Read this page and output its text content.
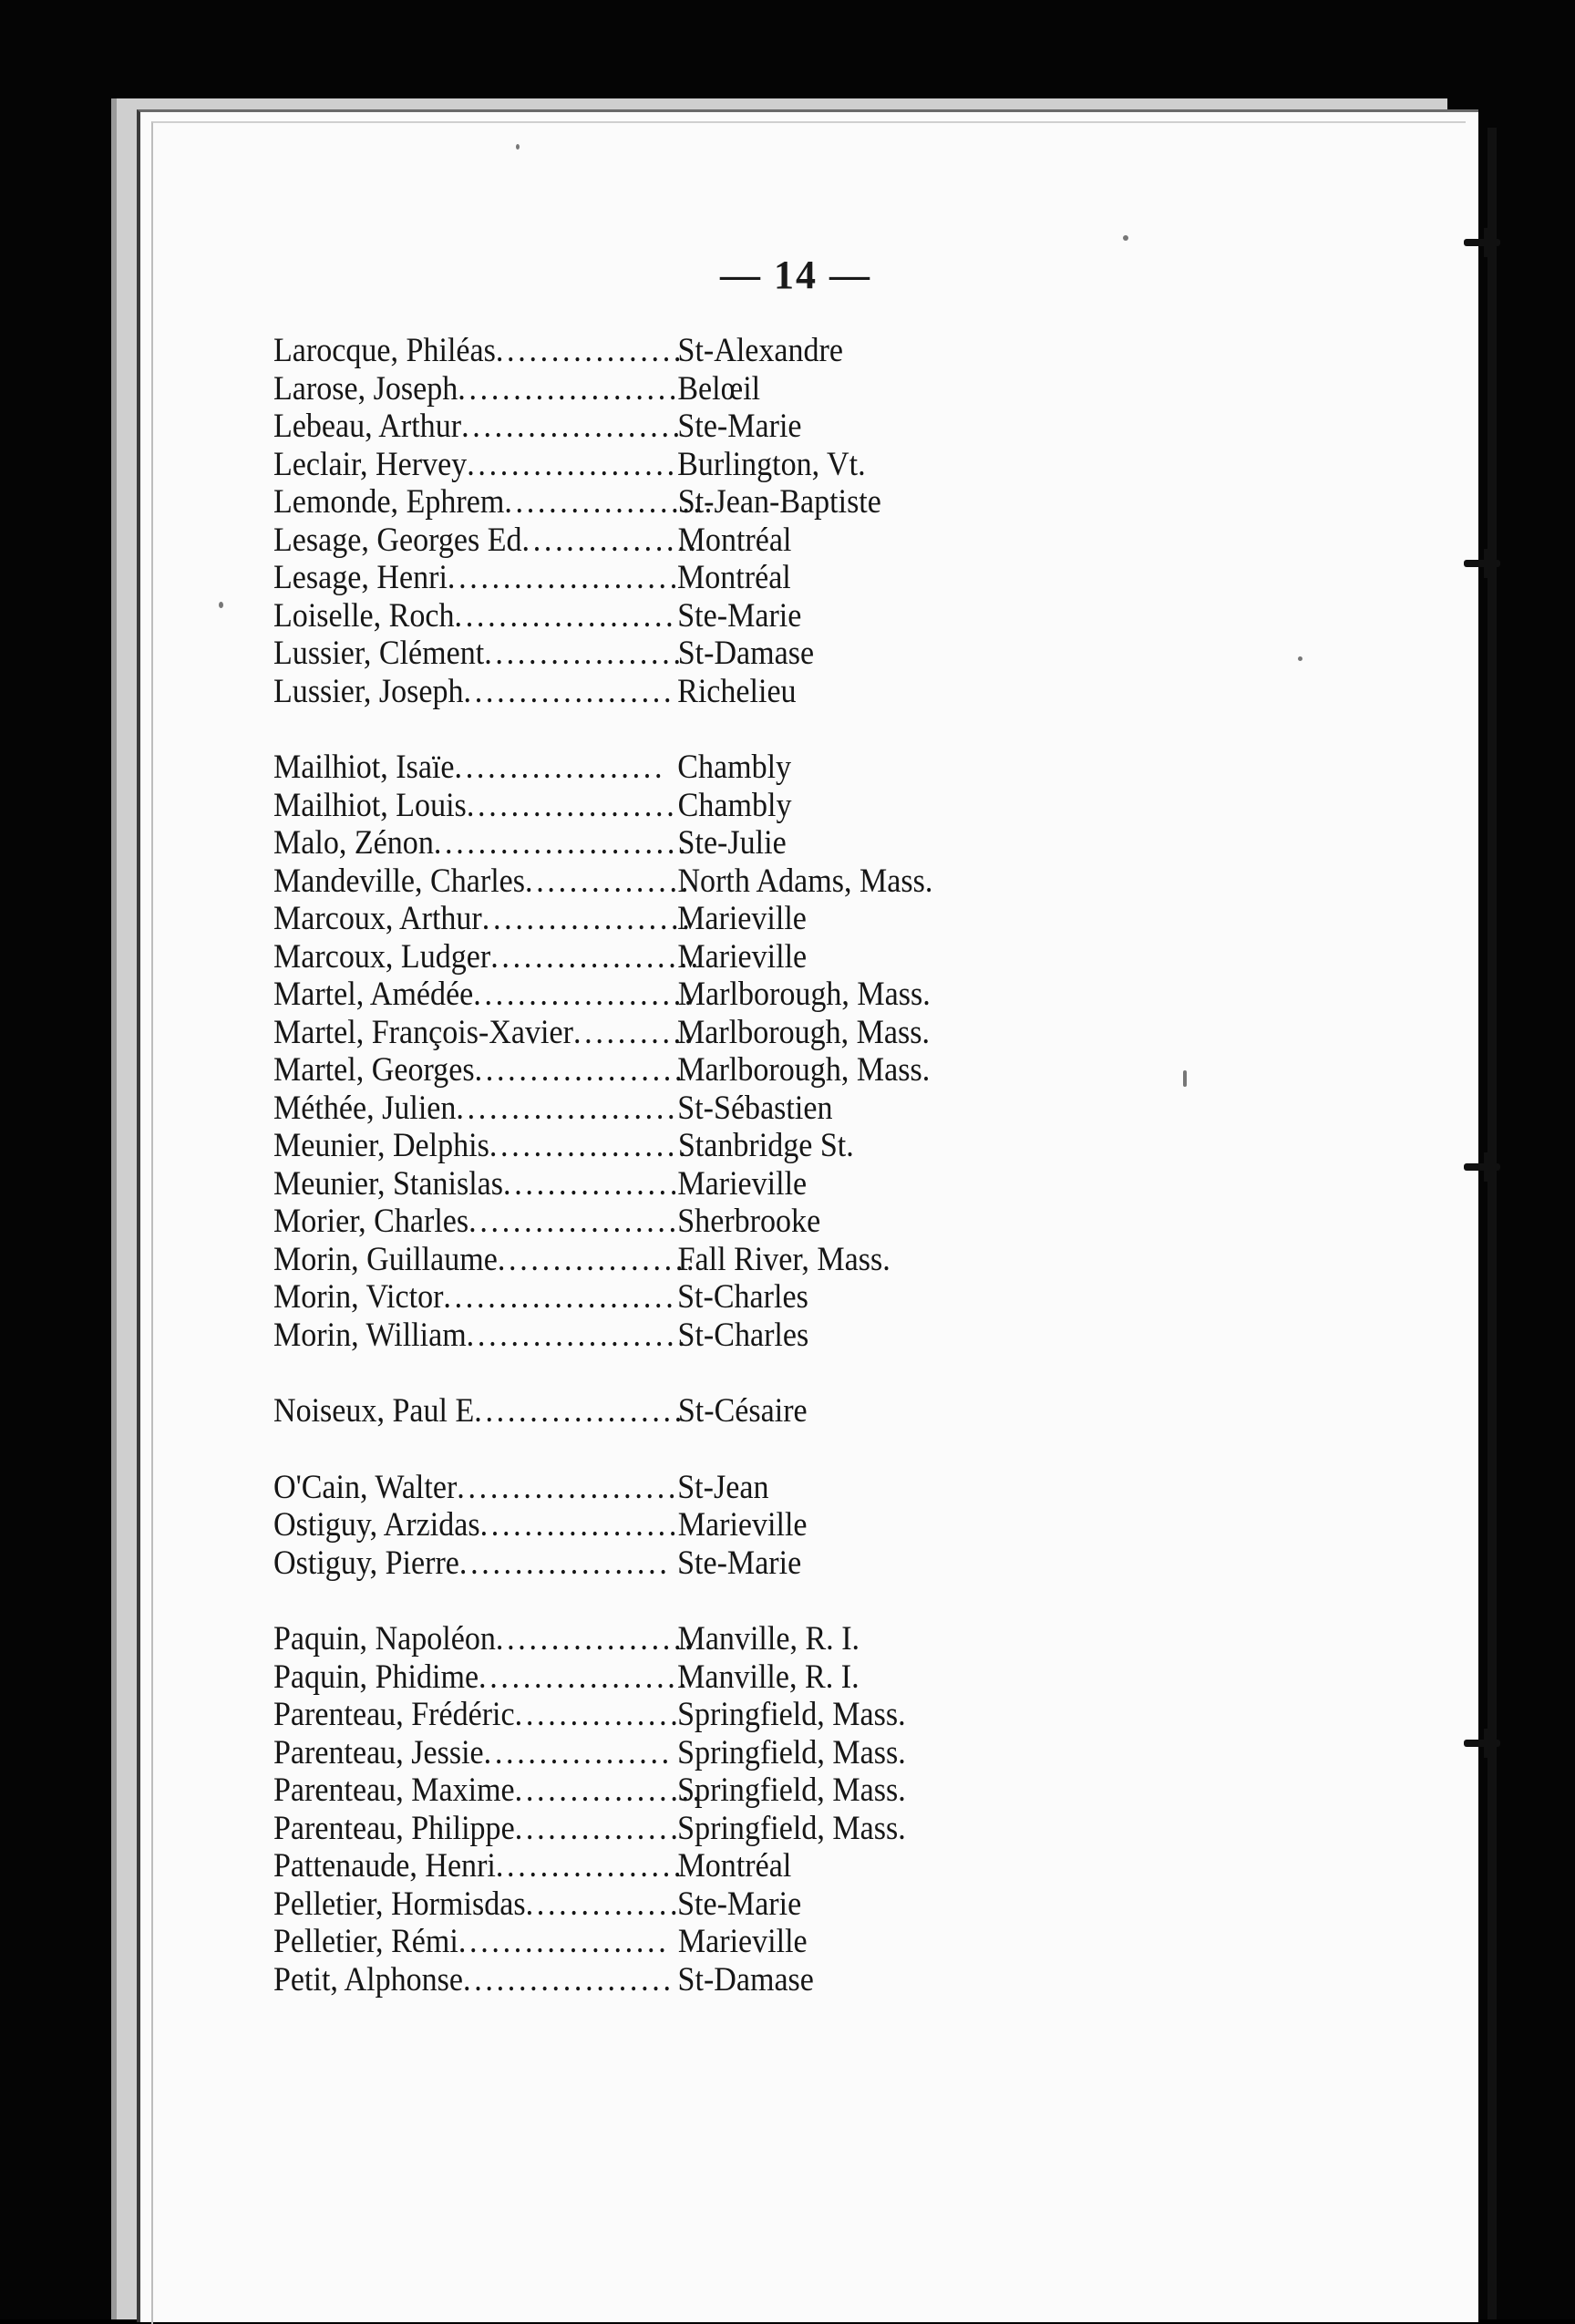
— 14 —
Larocque, Philéas .................
St-Alexandre
Larose, Joseph ....................
Belœil
Lebeau, Arthur ....................
Ste-Marie
Leclair, Hervey ................... Burlington, Vt.
Lemonde, Ephrem ...................
St-Jean-Baptiste
Lesage, Georges Ed ................
Montréal
Lesage, Henri .....................
Montréal
Loiselle, Roch .................... Ste-Marie
Lussier, Clément ..................
St-Damase
Lussier, Joseph ................... Richelieu
Mailhiot, Isaïe ................... Chambly
Mailhiot, Louis ................... Chambly
Malo, Zénon .......................
Ste-Julie
Mandeville, Charles ...............
North Adams, Mass.
Marcoux, Arthur ...................
Marieville
Marcoux, Ludger ...................
Marieville
Martel, Amédée ....................
Marlborough, Mass.
Martel, François-Xavier ...........
Marlborough, Mass.
Martel, Georges ...................
Marlborough, Mass.
Méthée, Julien .................... St-Sébastien
Meunier, Delphis ..................
Stanbridge St.
Meunier, Stanislas ................
Marieville
Morier, Charles ...................
Sherbrooke
Morin, Guillaume ..................
Fall River, Mass.
Morin, Victor ..................... St-Charles
Morin, William ....................
St-Charles
Noiseux, Paul E ...................
St-Césaire
O'Cain, Walter ....................
St-Jean
Ostiguy, Arzidas ..................
Marieville
Ostiguy, Pierre ................... Ste-Marie
Paquin, Napoléon ..................
Manville, R. I.
Paquin, Phidime ...................
Manville, R. I.
Parenteau, Frédéric ...............
Springfield, Mass.
Parenteau, Jessie ................. Springfield, Mass.
Parenteau, Maxime .................
Springfield, Mass.
Parenteau, Philippe ...............
Springfield, Mass.
Pattenaude, Henri .................
Montréal
Pelletier, Hormisdas ..............
Ste-Marie
Pelletier, Rémi ................... Marieville
Petit, Alphonse ................... St-Damase
